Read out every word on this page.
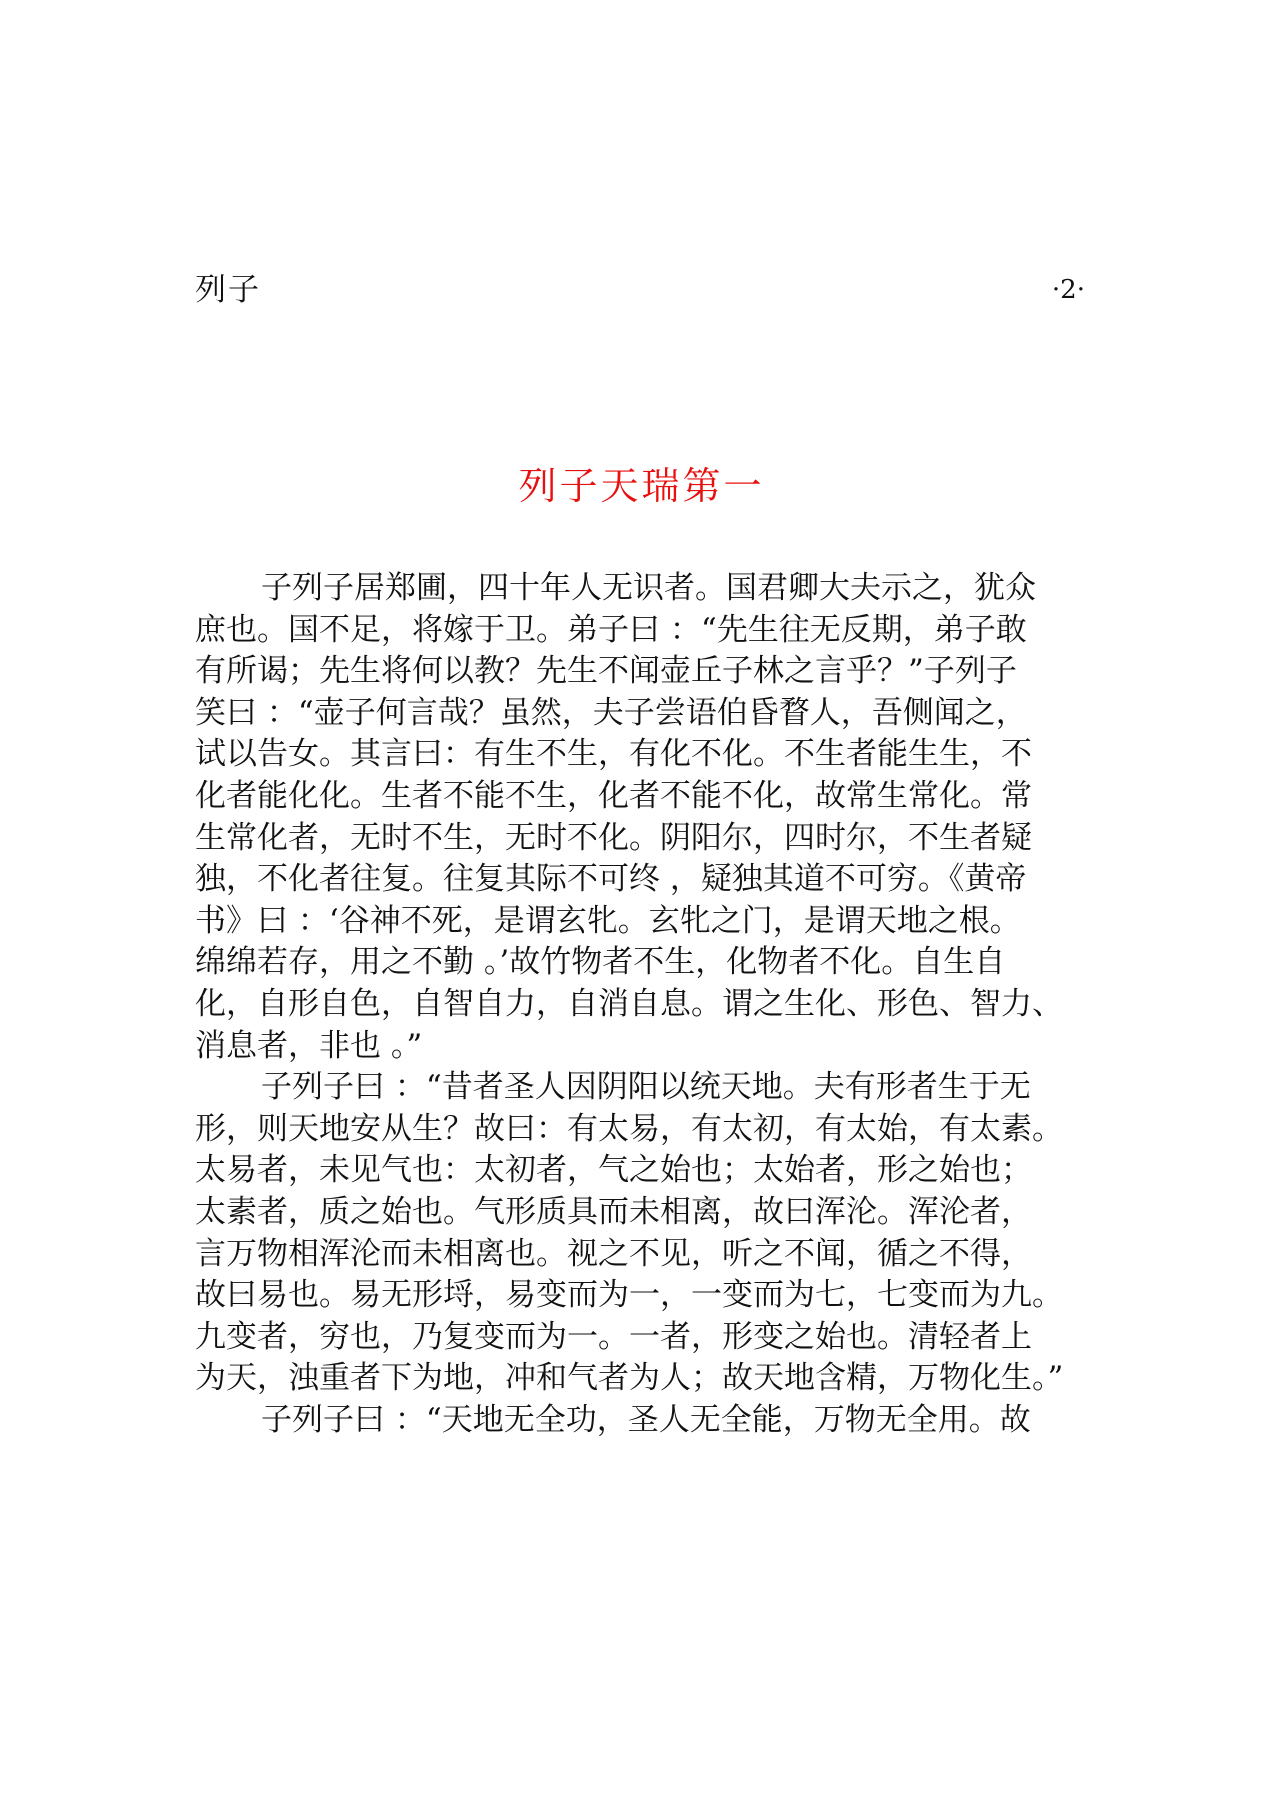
列子	·2·
列子天瑞第一
子列子居郑圃，四十年人无识者。国君卿大夫示之，犹众
庶也。国不足，将嫁于卫。弟子曰 ：“先生往无反期，弟子敢
有所谒；先生将何以教？先生不闻壶丘子林之言乎？”子列子
笑曰 ：“壶子何言哉？虽然，夫子尝语伯昏瞀人，吾侧闻之，
试以告女。其言曰：有生不生，有化不化。不生者能生生，不
化者能化化。生者不能不生，化者不能不化，故常生常化。常
生常化者，无时不生，无时不化。阴阳尔，四时尔，不生者疑
独，不化者往复。往复其际不可终 ，疑独其道不可穷。《黄帝
书》曰 ：‘谷神不死，是谓玄牝。玄牝之门，是谓天地之根。
绵绵若存，用之不勤 。’故竹物者不生，化物者不化。自生自
化，自形自色，自智自力，自消自息。谓之生化、形色、智力、
消息者，非也 。”
子列子曰 ：“昔者圣人因阴阳以统天地。夫有形者生于无
形，则天地安从生？故曰：有太易，有太初，有太始，有太素。
太易者，未见气也：太初者，气之始也；太始者，形之始也；
太素者，质之始也。气形质具而未相离，故曰浑沦。浑沦者，
言万物相浑沦而未相离也。视之不见，听之不闻，循之不得，
故曰易也。易无形埒，易变而为一，一变而为七，七变而为九。
九变者，穷也，乃复变而为一。一者，形变之始也。清轻者上
为天，浊重者下为地，冲和气者为人；故天地含精，万物化生。”
子列子曰 ：“天地无全功，圣人无全能，万物无全用。故
